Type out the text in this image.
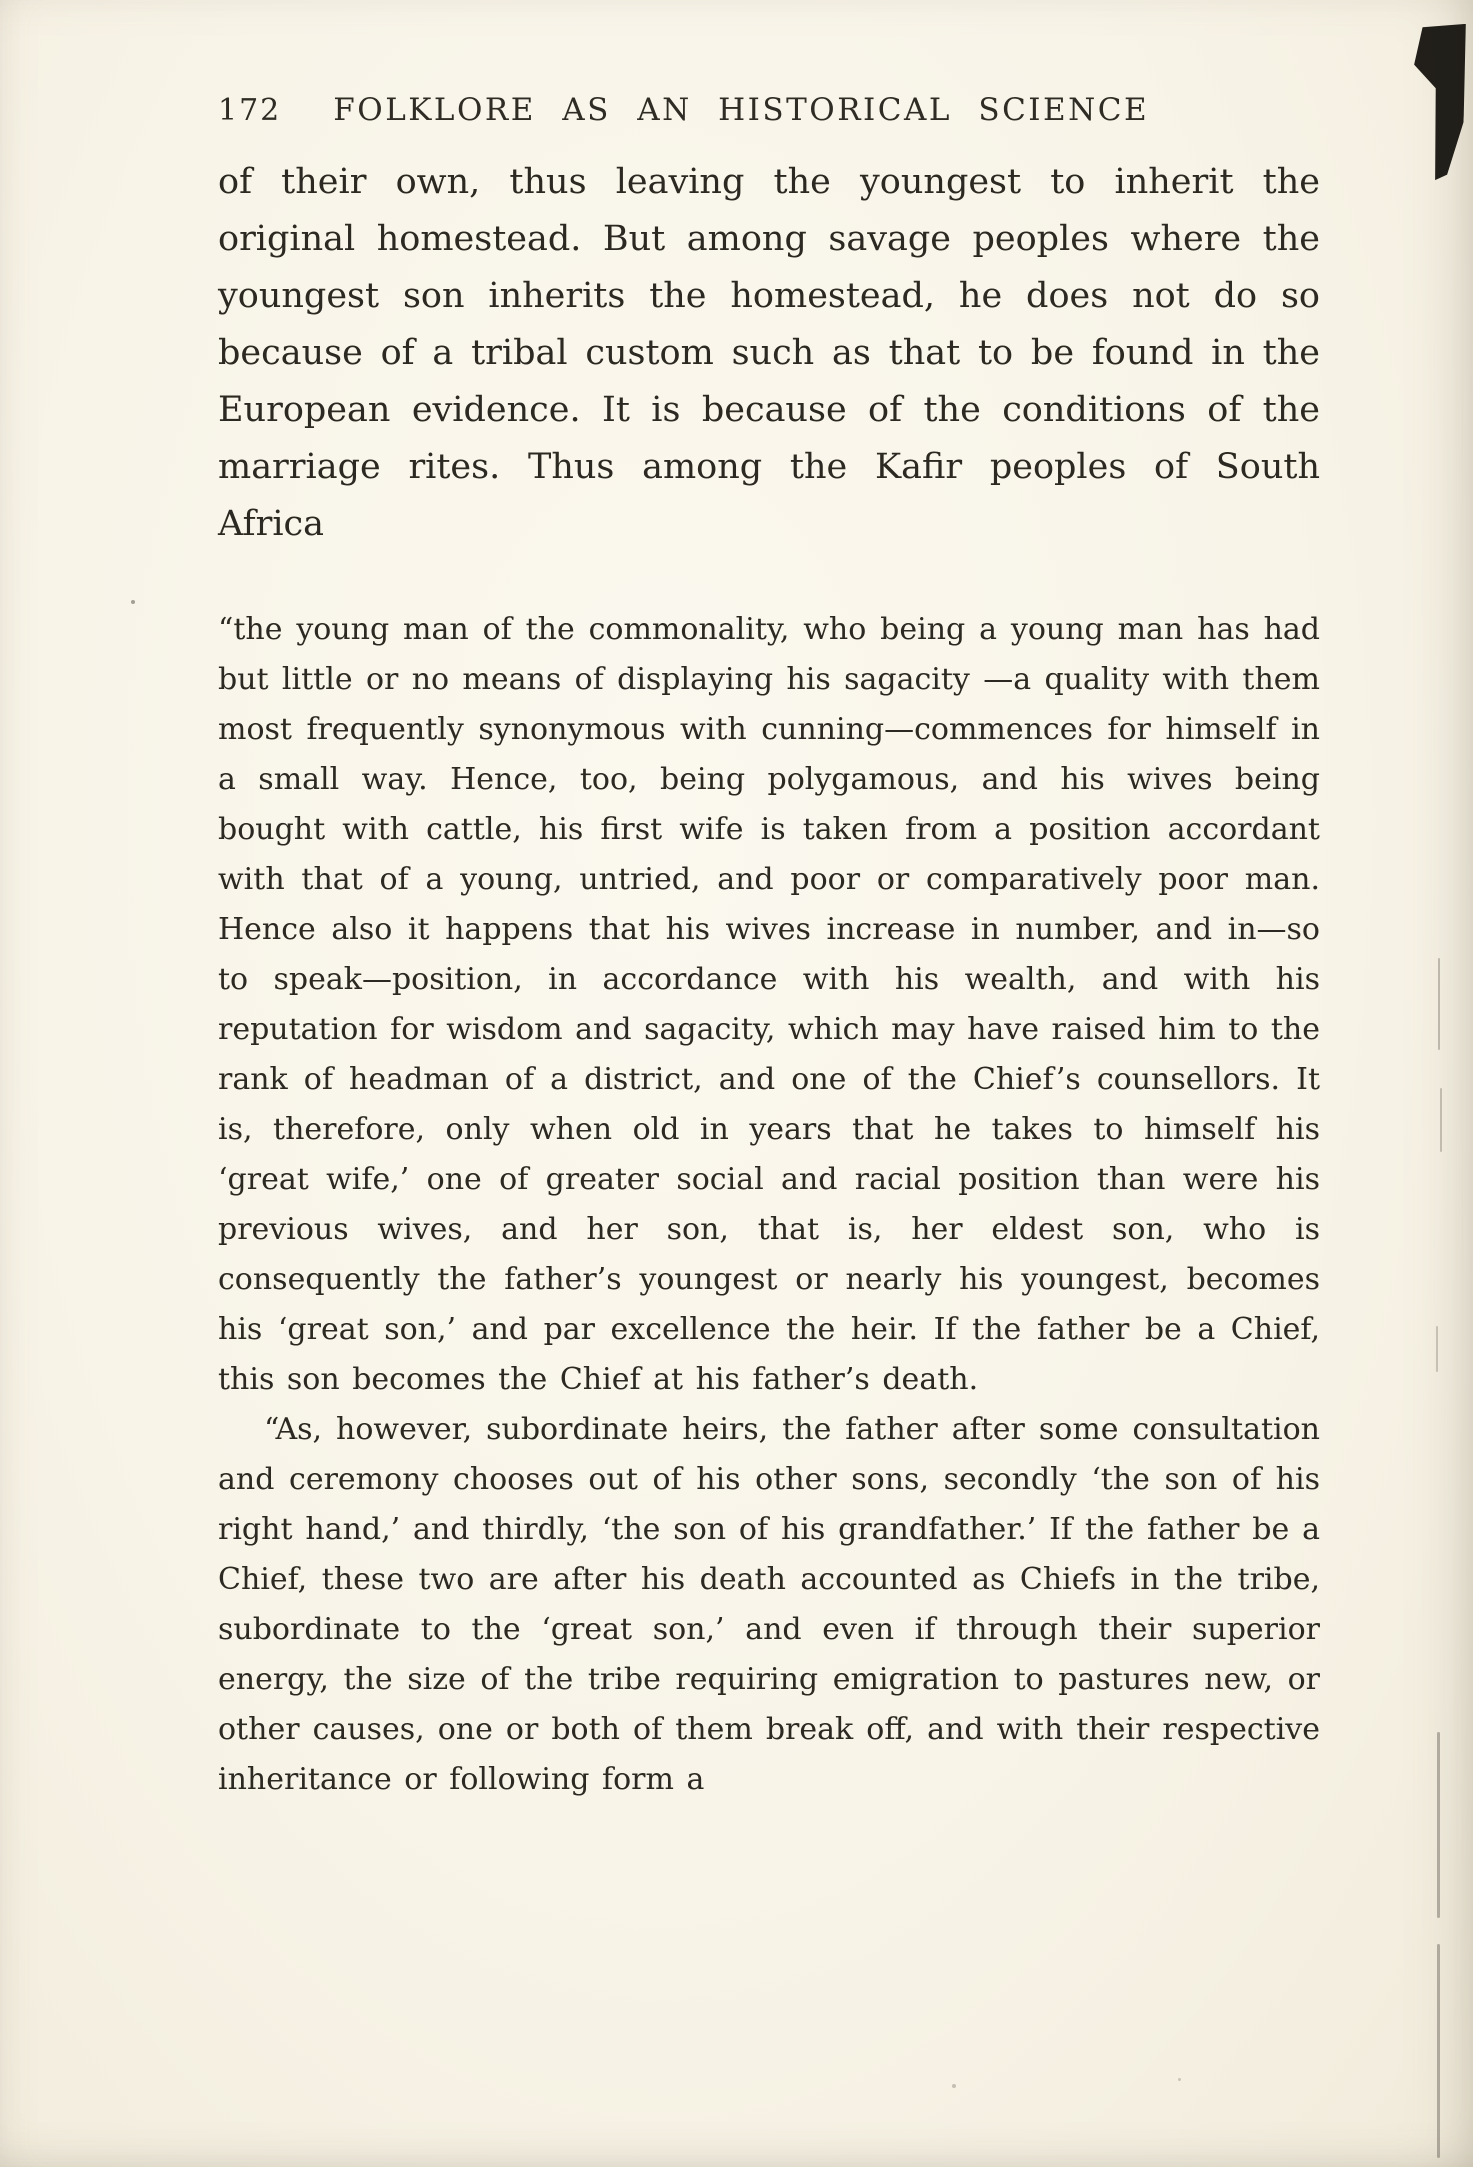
172 FOLKLORE AS AN HISTORICAL SCIENCE

of their own, thus leaving the youngest to inherit the original homestead. But among savage peoples where the youngest son inherits the homestead, he does not do so because of a tribal custom such as that to be found in the European evidence. It is because of the conditions of the marriage rites. Thus among the Kafir peoples of South Africa

“the young man of the commonality, who being a young man has had but little or no means of displaying his sagacity —a quality with them most frequently synonymous with cunning—commences for himself in a small way. Hence, too, being polygamous, and his wives being bought with cattle, his first wife is taken from a position accordant with that of a young, untried, and poor or comparatively poor man. Hence also it happens that his wives increase in number, and in—so to speak—position, in accordance with his wealth, and with his reputation for wisdom and sagacity, which may have raised him to the rank of headman of a district, and one of the Chief’s counsellors. It is, therefore, only when old in years that he takes to himself his ‘great wife,’ one of greater social and racial position than were his previous wives, and her son, that is, her eldest son, who is consequently the father’s youngest or nearly his youngest, becomes his ‘great son,’ and par excellence the heir. If the father be a Chief, this son becomes the Chief at his father’s death.

“As, however, subordinate heirs, the father after some consultation and ceremony chooses out of his other sons, secondly ‘the son of his right hand,’ and thirdly, ‘the son of his grandfather.’ If the father be a Chief, these two are after his death accounted as Chiefs in the tribe, subordinate to the ‘great son,’ and even if through their superior energy, the size of the tribe requiring emigration to pastures new, or other causes, one or both of them break off, and with their respective inheritance or following form a
